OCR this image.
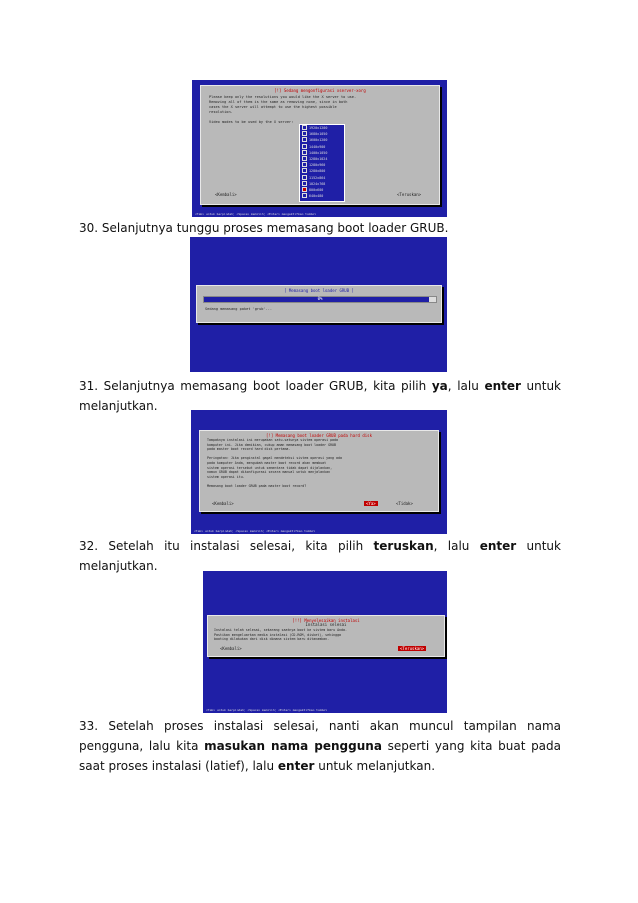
[!] Sedang mengonfigurasi xserver-xorg
Please keep only the resolutions you would like the X server to use.
Removing all of them is the same as removing none, since in both
cases the X server will attempt to use the highest possible
resolution.

Video modes to be used by the X server:
1920x1200
1680x1050
1600x1200
1440x900
1400x1050
1280x1024
1280x960
1280x800
1152x864
1024x768
800x600
640x480
<Kembali>	<Teruskan>
<Tab> untuk berpindah; <Space> memilih; <Enter> mengaktifkan tombol

30. Selanjutnya tunggu proses memasang boot loader GRUB.

[ Memasang boot loader GRUB ]
0%
Sedang memasang paket 'grub'...

31. Selanjutnya memasang boot loader GRUB, kita pilih ya, lalu enter untuk melanjutkan.

[!] Memasang boot loader GRUB pada hard disk
Tampaknya instalasi ini merupakan satu-satunya sistem operasi pada
komputer ini. Jika demikian, cukup aman memasang boot loader GRUB
pada master boot record hard disk pertama.

Peringatan: Jika penginstal gagal mendeteksi sistem operasi yang ada
pada komputer Anda, mengubah master boot record akan membuat
sistem operasi tersebut untuk sementara tidak dapat dijalankan,
namun GRUB dapat dikonfigurasi secara manual untuk menjalankan
sistem operasi itu.

Memasang boot loader GRUB pada master boot record?
<Kembali>	<Ya>	<Tidak>
<Tab> untuk berpindah; <Space> memilih; <Enter> mengaktifkan tombol

32. Setelah itu instalasi selesai, kita pilih teruskan, lalu enter untuk melanjutkan.

[!!] Menyelesaikan instalasi
Instalasi selesai
Instalasi telah selesai, sekarang saatnya boot ke sistem baru Anda.
Pastikan mengeluarkan media instalasi (CD-ROM, disket), sehingga
booting dilakukan dari disk dimana sistem baru ditanamkan.
<Kembali>	<Teruskan>
<Tab> untuk berpindah; <Space> memilih; <Enter> mengaktifkan tombol

33. Setelah proses instalasi selesai, nanti akan muncul tampilan nama pengguna, lalu kita masukan nama pengguna seperti yang kita buat pada saat proses instalasi (latief), lalu enter untuk melanjutkan.
